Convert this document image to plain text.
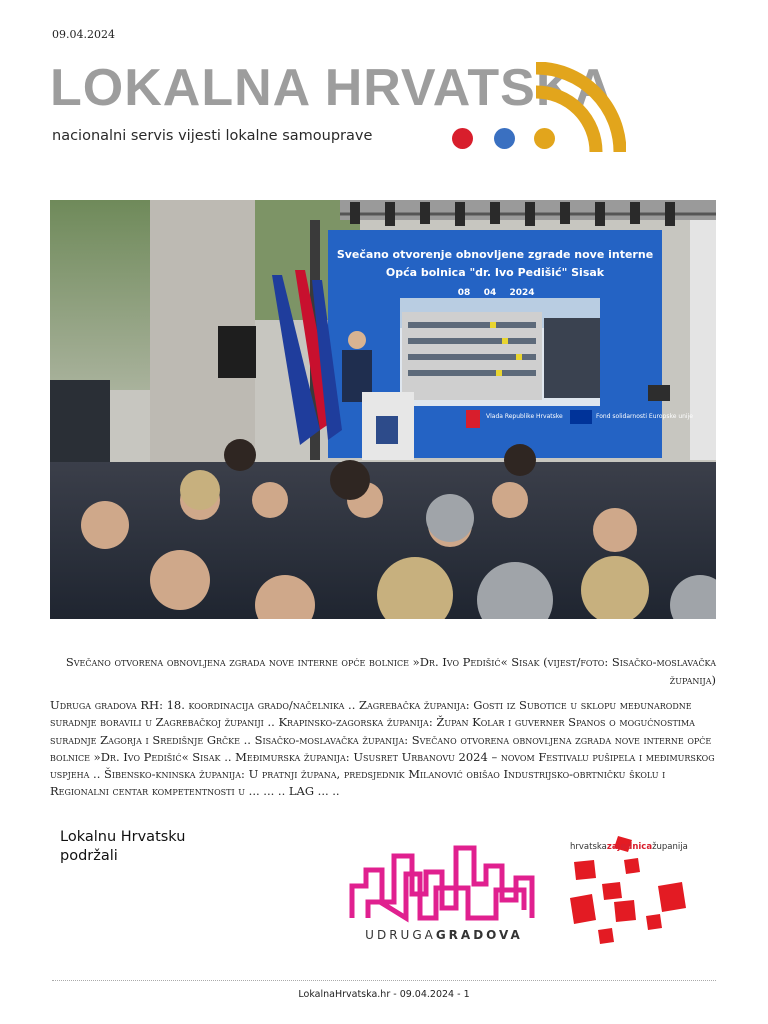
09.04.2024
LOKALNA HRVATSKA
nacionalni servis vijesti lokalne samouprave
Svečano otvorenje obnovljene zgrade nove interne
Opća bolnica "dr. Ivo Pedišić" Sisak
08 04 2024
Vlada Republike Hrvatske	Fond solidarnosti Europske unije
Svečano otvorena obnovljena zgrada nove interne opće bolnice »Dr. Ivo Pedišić« Sisak (vijest/foto: Sisačko-moslavačka županija)
Udruga gradova RH: 18. koordinacija grado/načelnika .. Zagrebačka županija: Gosti iz Subotice u sklopu međunarodne suradnje boravili u Zagrebačkoj županiji .. Krapinsko-zagorska županija: Župan Kolar i guverner Spanos o mogućnostima suradnje Zagorja i Središnje Grčke .. Sisačko-moslavačka županija: Svečano otvorena obnovljena zgrada nove interne opće bolnice »Dr. Ivo Pedišić« Sisak .. Međimurska županija: Ususret Urbanovu 2024 – novom Festivalu pušipela i međimurskog uspjeha .. Šibensko-kninska županija: U pratnji župana, predsjednik Milanović obišao Industrijsko-obrtničku školu i Regionalni centar kompetentnosti u ... ... .. LAG ... ..
Lokalnu Hrvatsku podržali
UDRUGAGRADOVA
hrvatskazajednicažupanija
LokalnaHrvatska.hr - 09.04.2024 - 1
